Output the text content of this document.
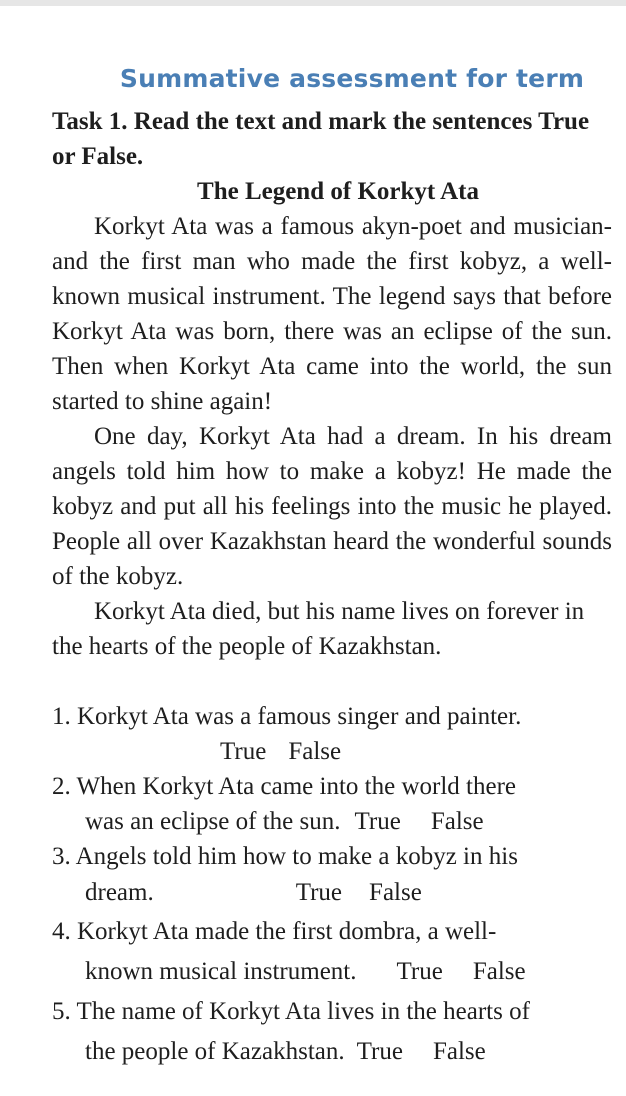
Summative assessment for term

Task 1. Read the text and mark the sentences True or False.

The Legend of Korkyt Ata

Korkyt Ata was a famous akyn-poet and musician- and the first man who made the first kobyz, a well-known musical instrument. The legend says that before Korkyt Ata was born, there was an eclipse of the sun. Then when Korkyt Ata came into the world, the sun started to shine again!

One day, Korkyt Ata had a dream. In his dream angels told him how to make a kobyz! He made the kobyz and put all his feelings into the music he played. People all over Kazakhstan heard the wonderful sounds of the kobyz.

Korkyt Ata died, but his name lives on forever in the hearts of the people of Kazakhstan.

1. Korkyt Ata was a famous singer and painter.
True False
2. When Korkyt Ata came into the world there
was an eclipse of the sun. True False
3. Angels told him how to make a kobyz in his
dream.	True False
4. Korkyt Ata made the first dombra, a well-
known musical instrument. True False
5. The name of Korkyt Ata lives in the hearts of
the people of Kazakhstan. True False
